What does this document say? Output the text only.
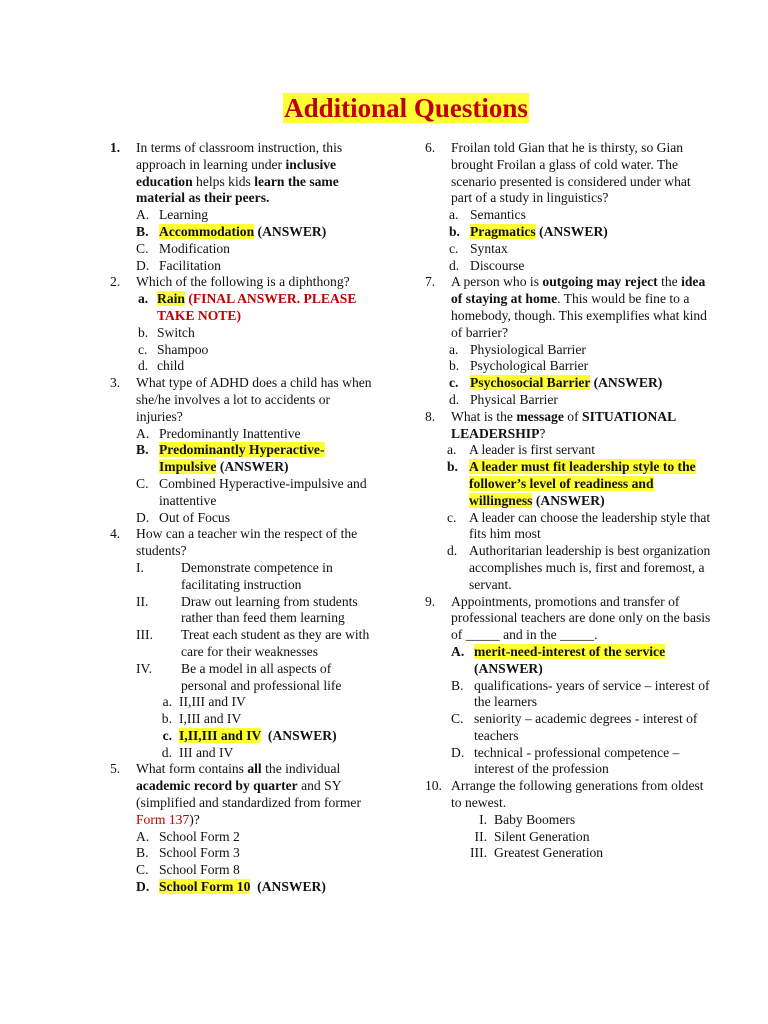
Additional Questions
1. In terms of classroom instruction, this approach in learning under inclusive education helps kids learn the same material as their peers.
A. Learning
B. Accommodation (ANSWER)
C. Modification
D. Facilitation
2. Which of the following is a diphthong?
a. Rain (FINAL ANSWER. PLEASE TAKE NOTE)
b. Switch
c. Shampoo
d. child
3. What type of ADHD does a child has when she/he involves a lot to accidents or injuries?
A. Predominantly Inattentive
B. Predominantly Hyperactive-Impulsive (ANSWER)
C. Combined Hyperactive-impulsive and inattentive
D. Out of Focus
4. How can a teacher win the respect of the students?
I.	Demonstrate competence in facilitating instruction
II. Draw out learning from students rather than feed them learning
III. Treat each student as they are with care for their weaknesses
IV. Be a model in all aspects of personal and professional life
a. II,III and IV
b. I,III and IV
c. I,II,III and IV  (ANSWER)
d. III and IV
5. What form contains all the individual academic record by quarter and SY (simplified and standardized from former Form 137)?
A. School Form 2
B. School Form 3
C. School Form 8
D. School Form 10  (ANSWER)
6. Froilan told Gian that he is thirsty, so Gian brought Froilan a glass of cold water. The scenario presented is considered under what part of a study in linguistics?
a. Semantics
b. Pragmatics (ANSWER)
c. Syntax
d. Discourse
7. A person who is outgoing may reject the idea of staying at home. This would be fine to a homebody, though. This exemplifies what kind of barrier?
a. Physiological Barrier
b. Psychological Barrier
c. Psychosocial Barrier (ANSWER)
d. Physical Barrier
8. What is the message of SITUATIONAL LEADERSHIP?
a. A leader is first servant
b. A leader must fit leadership style to the follower’s level of readiness and willingness (ANSWER)
c. A leader can choose the leadership style that fits him most
d. Authoritarian leadership is best organization accomplishes much is, first and foremost, a servant.
9. Appointments, promotions and transfer of professional teachers are done only on the basis of _____ and in the _____.
A. merit-need-interest of the service (ANSWER)
B. qualifications- years of service – interest of the learners
C. seniority – academic degrees - interest of teachers
D. technical - professional competence – interest of the profession
10. Arrange the following generations from oldest to newest.
I. Baby Boomers
II. Silent Generation
III. Greatest Generation
